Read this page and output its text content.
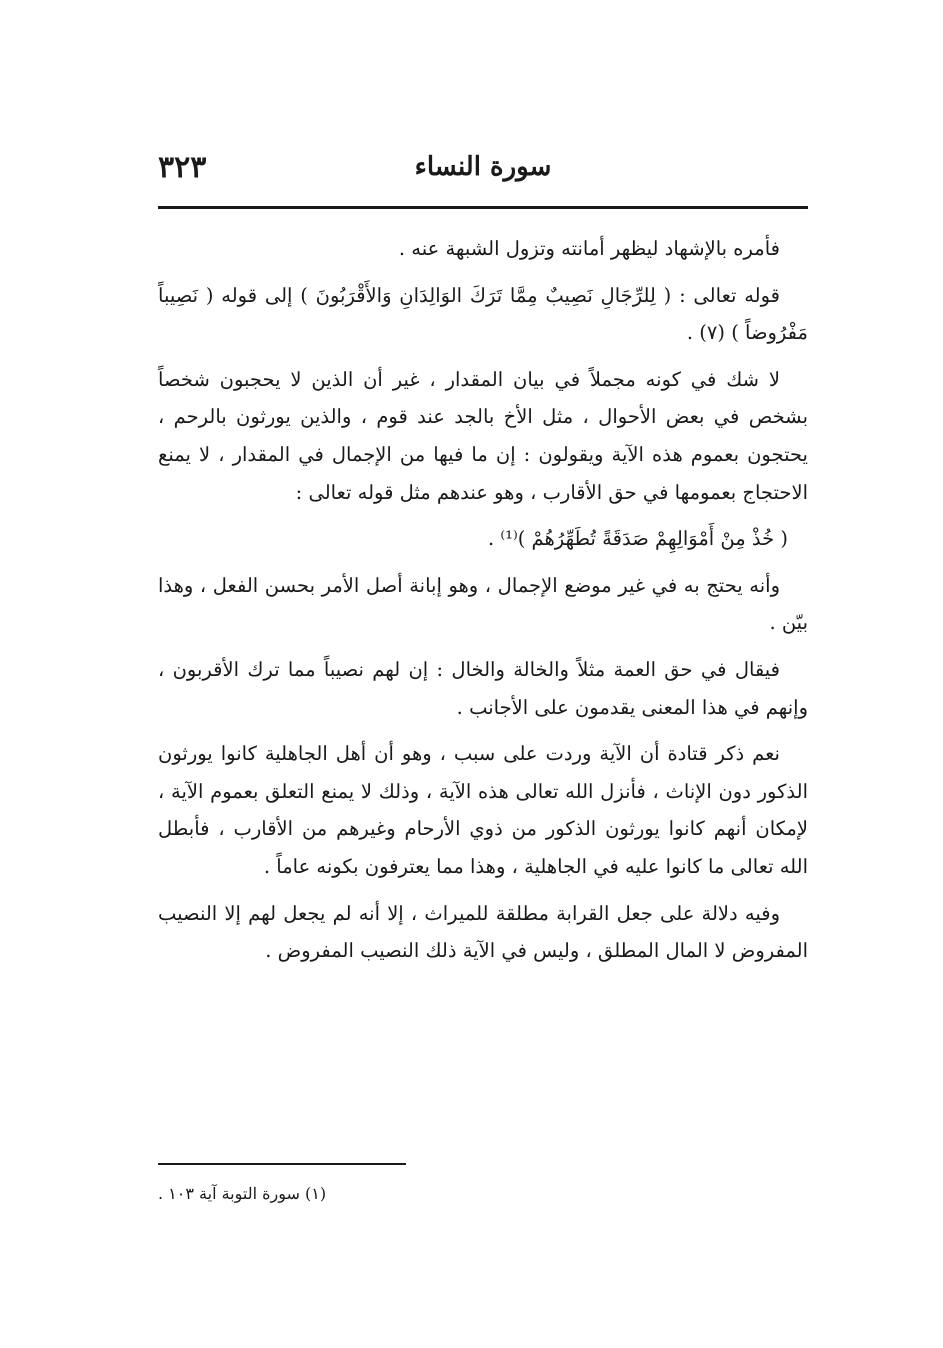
٣٢٣	سورة النساء

فأمره بالإشهاد ليظهر أمانته وتزول الشبهة عنه .

قوله تعالى : ( لِلرِّجَالِ نَصِيبٌ مِمَّا تَرَكَ الوَالِدَانِ وَالأَقْرَبُونَ ) إلى قوله ( نَصِيباً مَفْرُوضاً ) (٧) .

لا شك في كونه مجملاً في بيان المقدار ، غير أن الذين لا يحجبون شخصاً بشخص في بعض الأحوال ، مثل الأخ بالجد عند قوم ، والذين يورثون بالرحم ، يحتجون بعموم هذه الآية ويقولون : إن ما فيها من الإجمال في المقدار ، لا يمنع الاحتجاج بعمومها في حق الأقارب ، وهو عندهم مثل قوله تعالى :

( خُذْ مِنْ أَمْوَالِهِمْ صَدَقَةً تُطَهِّرُهُمْ )⁽¹⁾ .

وأنه يحتج به في غير موضع الإجمال ، وهو إبانة أصل الأمر بحسن الفعل ، وهذا بيّن .

فيقال في حق العمة مثلاً والخالة والخال : إن لهم نصيباً مما ترك الأقربون ، وإنهم في هذا المعنى يقدمون على الأجانب .

نعم ذكر قتادة أن الآية وردت على سبب ، وهو أن أهل الجاهلية كانوا يورثون الذكور دون الإناث ، فأنزل الله تعالى هذه الآية ، وذلك لا يمنع التعلق بعموم الآية ، لإمكان أنهم كانوا يورثون الذكور من ذوي الأرحام وغيرهم من الأقارب ، فأبطل الله تعالى ما كانوا عليه في الجاهلية ، وهذا مما يعترفون بكونه عاماً .

وفيه دلالة على جعل القرابة مطلقة للميراث ، إلا أنه لم يجعل لهم إلا النصيب المفروض لا المال المطلق ، وليس في الآية ذلك النصيب المفروض .

(١) سورة التوبة آية ١٠٣ .
